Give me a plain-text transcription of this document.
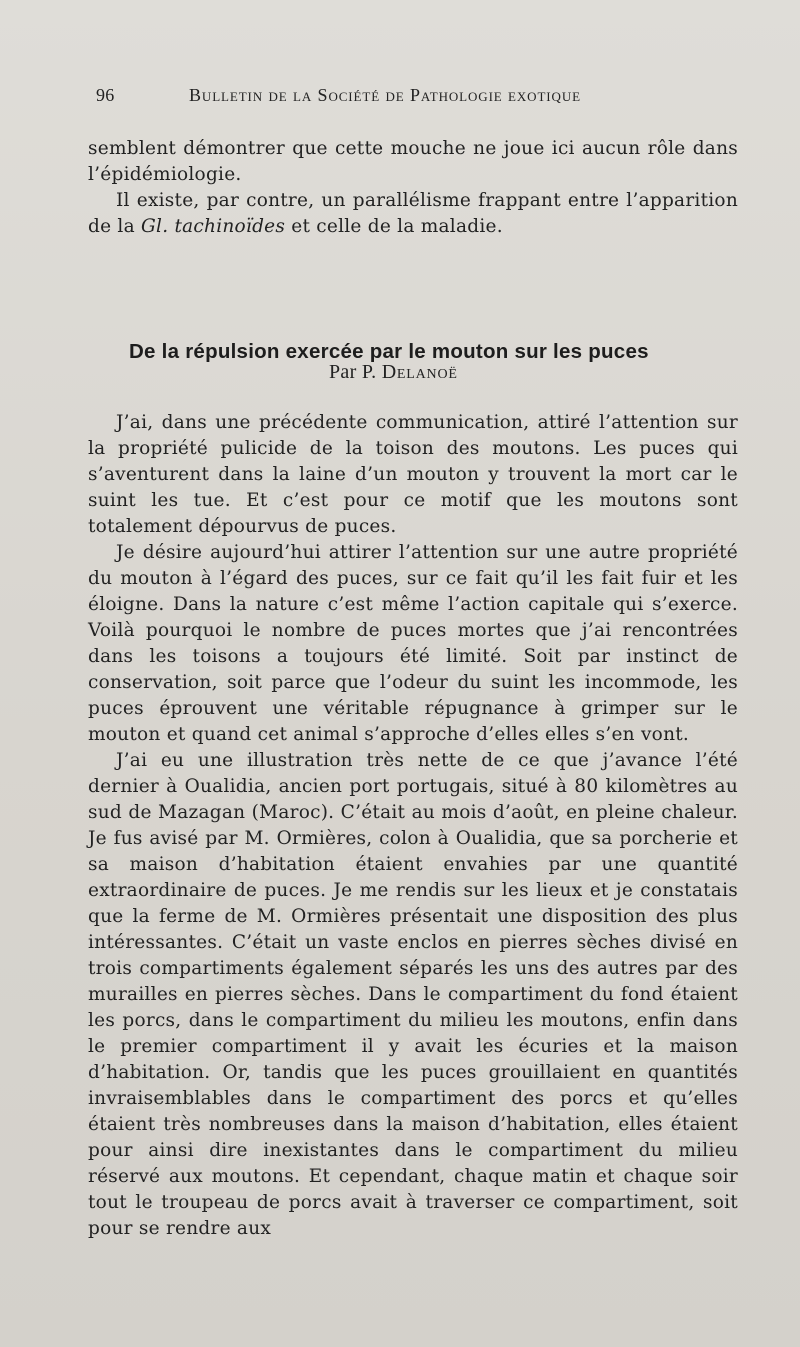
96	Bulletin de la Société de Pathologie exotique

semblent démontrer que cette mouche ne joue ici aucun rôle dans l’épidémiologie.

Il existe, par contre, un parallélisme frappant entre l’apparition de la Gl. tachinoïdes et celle de la maladie.

De la répulsion exercée par le mouton sur les puces
Par P. Delanoë

J’ai, dans une précédente communication, attiré l’attention sur la propriété pulicide de la toison des moutons. Les puces qui s’aventurent dans la laine d’un mouton y trouvent la mort car le suint les tue. Et c’est pour ce motif que les moutons sont totalement dépourvus de puces.

Je désire aujourd’hui attirer l’attention sur une autre propriété du mouton à l’égard des puces, sur ce fait qu’il les fait fuir et les éloigne. Dans la nature c’est même l’action capitale qui s’exerce. Voilà pourquoi le nombre de puces mortes que j’ai rencontrées dans les toisons a toujours été limité. Soit par instinct de conservation, soit parce que l’odeur du suint les incommode, les puces éprouvent une véritable répugnance à grimper sur le mouton et quand cet animal s’approche d’elles elles s’en vont.

J’ai eu une illustration très nette de ce que j’avance l’été dernier à Oualidia, ancien port portugais, situé à 80 kilomètres au sud de Mazagan (Maroc). C’était au mois d’août, en pleine chaleur. Je fus avisé par M. Ormières, colon à Oualidia, que sa porcherie et sa maison d’habitation étaient envahies par une quantité extraordinaire de puces. Je me rendis sur les lieux et je constatais que la ferme de M. Ormières présentait une disposition des plus intéressantes. C’était un vaste enclos en pierres sèches divisé en trois compartiments également séparés les uns des autres par des murailles en pierres sèches. Dans le compartiment du fond étaient les porcs, dans le compartiment du milieu les moutons, enfin dans le premier compartiment il y avait les écuries et la maison d’habitation. Or, tandis que les puces grouillaient en quantités invraisemblables dans le compartiment des porcs et qu’elles étaient très nombreuses dans la maison d’habitation, elles étaient pour ainsi dire inexistantes dans le compartiment du milieu réservé aux moutons. Et cependant, chaque matin et chaque soir tout le troupeau de porcs avait à traverser ce compartiment, soit pour se rendre aux
